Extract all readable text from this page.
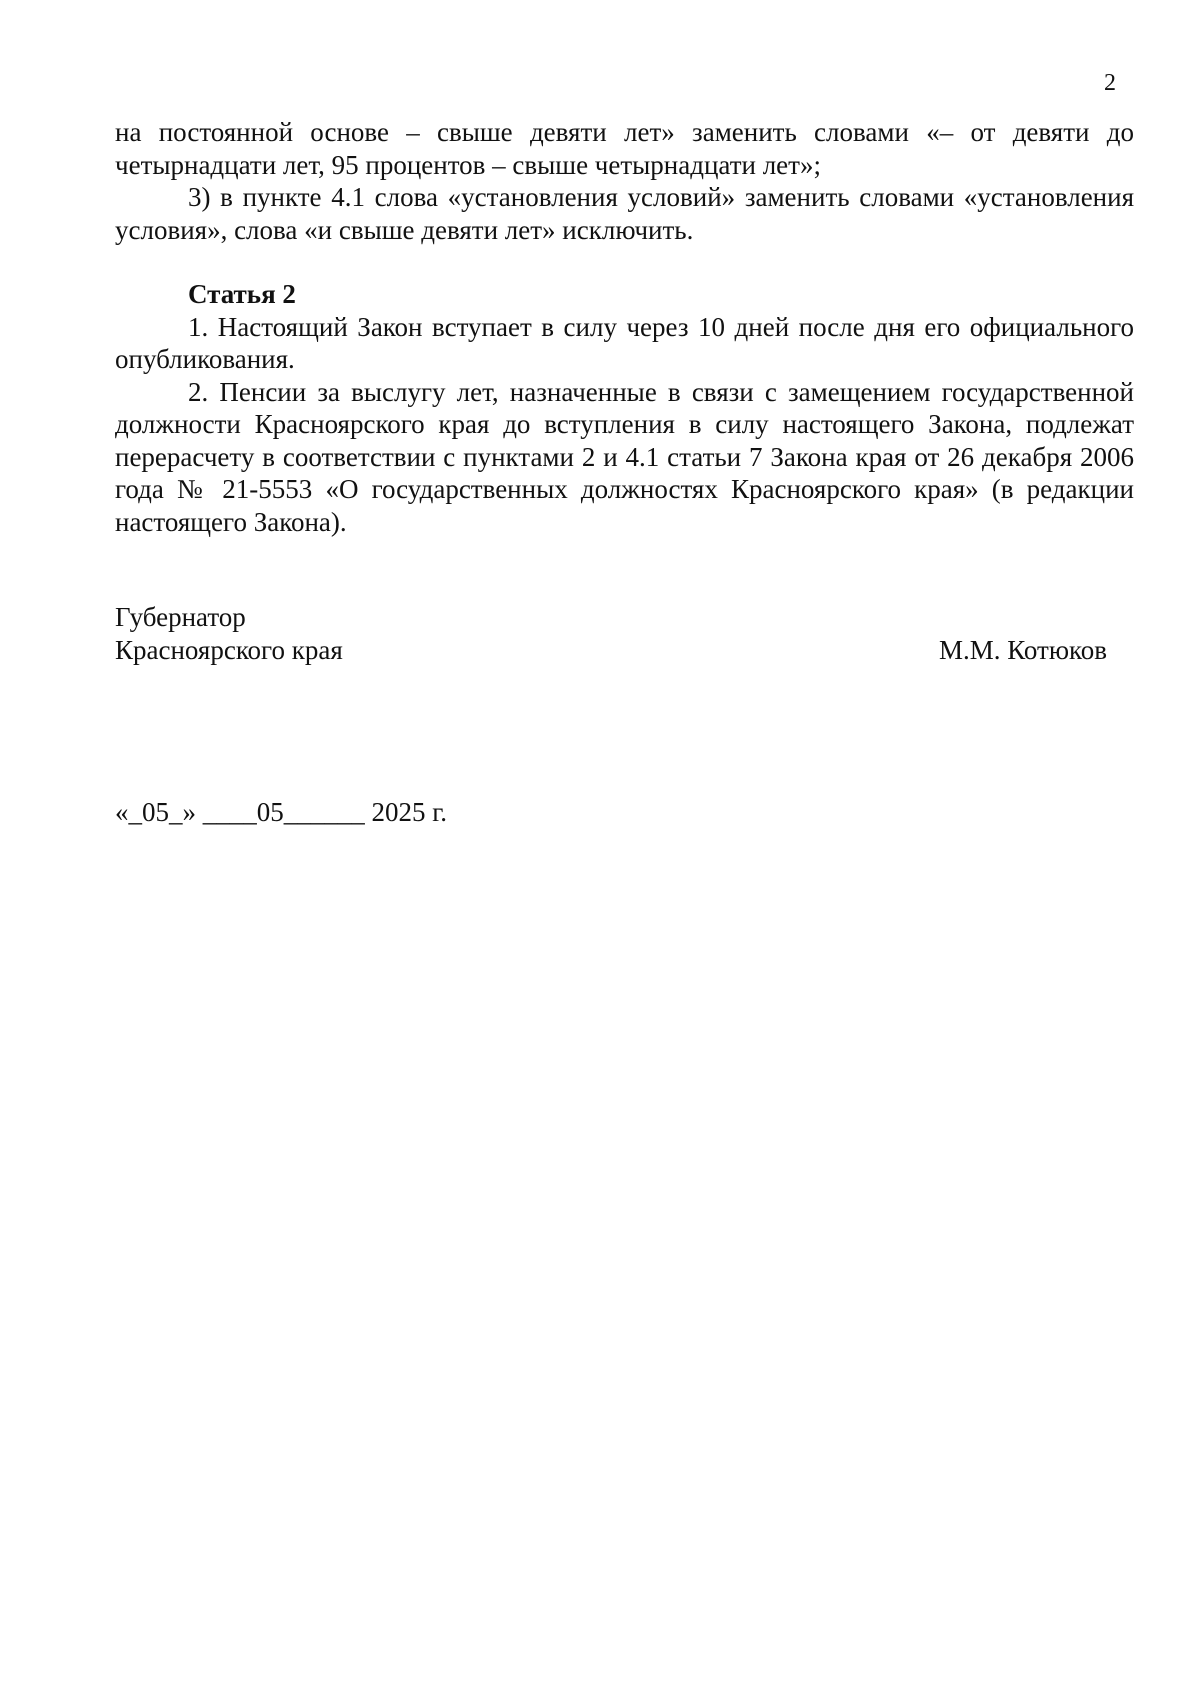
2

на постоянной основе – свыше девяти лет» заменить словами «– от девяти до четырнадцати лет, 95 процентов – свыше четырнадцати лет»;

3) в пункте 4.1 слова «установления условий» заменить словами «установления условия», слова «и свыше девяти лет» исключить.

Статья 2

1. Настоящий Закон вступает в силу через 10 дней после дня его официального опубликования.

2. Пенсии за выслугу лет, назначенные в связи с замещением государственной должности Красноярского края до вступления в силу настоящего Закона, подлежат перерасчету в соответствии с пунктами 2 и 4.1 статьи 7 Закона края от 26 декабря 2006 года № 21-5553 «О государственных должностях Красноярского края» (в редакции настоящего Закона).

Губернатор
Красноярского края	М.М. Котюков
«_05_» ____05______ 2025 г.
